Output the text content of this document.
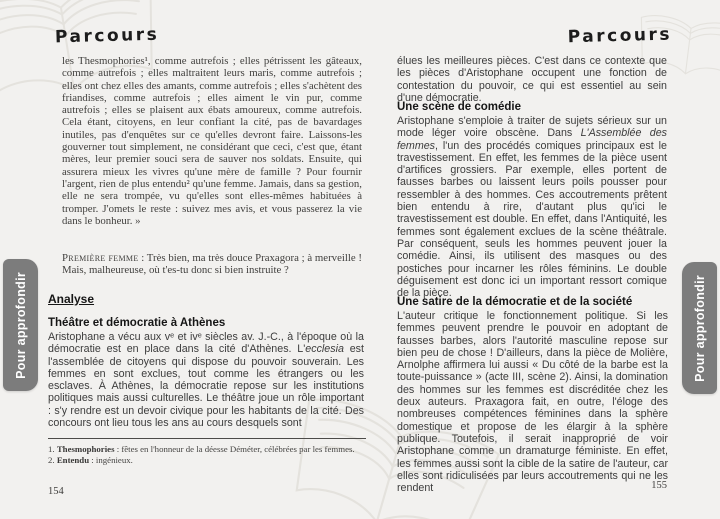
Parcours	Parcours
les Thesmophories¹, comme autrefois ; elles pétrissent les gâteaux, comme autrefois ; elles maltraitent leurs maris, comme autrefois ; elles ont chez elles des amants, comme autrefois ; elles s'achètent des friandises, comme autrefois ; elles aiment le vin pur, comme autrefois ; elles se plaisent aux ébats amoureux, comme autrefois. Cela étant, citoyens, en leur confiant la cité, pas de bavardages inutiles, pas d'enquêtes sur ce qu'elles devront faire. Laissons-les gouverner tout simplement, ne considérant que ceci, c'est que, étant mères, leur premier souci sera de sauver nos soldats. Ensuite, qui assurera mieux les vivres qu'une mère de famille ? Pour fournir l'argent, rien de plus entendu² qu'une femme. Jamais, dans sa gestion, elle ne sera trompée, vu qu'elles sont elles-mêmes habituées à tromper. J'omets le reste : suivez mes avis, et vous passerez la vie dans le bonheur. »

Première femme : Très bien, ma très douce Praxagora ; à merveille ! Mais, malheureuse, où t'es-tu donc si bien instruite ?

Analyse
Théâtre et démocratie à Athènes

Aristophane a vécu aux vᵉ et ivᵉ siècles av. J.-C., à l'époque où la démocratie est en place dans la cité d'Athènes. L'ecclesia est l'assemblée de citoyens qui dispose du pouvoir souverain. Les femmes en sont exclues, tout comme les étrangers ou les esclaves. À Athènes, la démocratie repose sur les institutions politiques mais aussi culturelles. Le théâtre joue un rôle important : s'y rendre est un devoir civique pour les habitants de la cité. Des concours ont lieu tous les ans au cours desquels sont

1. Thesmophories : fêtes en l'honneur de la déesse Déméter, célébrées par les femmes.
2. Entendu : ingénieux.
154

élues les meilleures pièces. C'est dans ce contexte que les pièces d'Aristophane occupent une fonction de contestation du pouvoir, ce qui est essentiel au sein d'une démocratie.

Une scène de comédie

Aristophane s'emploie à traiter de sujets sérieux sur un mode léger voire obscène. Dans L'Assemblée des femmes, l'un des procédés comiques principaux est le travestissement. En effet, les femmes de la pièce usent d'artifices grossiers. Par exemple, elles portent de fausses barbes ou laissent leurs poils pousser pour ressembler à des hommes. Ces accoutrements prêtent bien entendu à rire, d'autant plus qu'ici le travestissement est double. En effet, dans l'Antiquité, les femmes sont également exclues de la scène théâtrale. Par conséquent, seuls les hommes peuvent jouer la comédie. Ainsi, ils utilisent des masques ou des postiches pour incarner les rôles féminins. Le double déguisement est donc ici un important ressort comique de la pièce.

Une satire de la démocratie et de la société

L'auteur critique le fonctionnement politique. Si les femmes peuvent prendre le pouvoir en adoptant de fausses barbes, alors l'autorité masculine repose sur bien peu de chose ! D'ailleurs, dans la pièce de Molière, Arnolphe affirmera lui aussi « Du côté de la barbe est la toute-puissance » (acte III, scène 2). Ainsi, la domination des hommes sur les femmes est discréditée chez les deux auteurs. Praxagora fait, en outre, l'éloge des nombreuses compétences féminines dans la sphère domestique et propose de les élargir à la sphère publique. Toutefois, il serait inapproprié de voir Aristophane comme un dramaturge féministe. En effet, les femmes aussi sont la cible de la satire de l'auteur, car elles sont ridiculisées par leurs accoutrements qui ne les rendent	155
Pour approfondir	Pour approfondir
